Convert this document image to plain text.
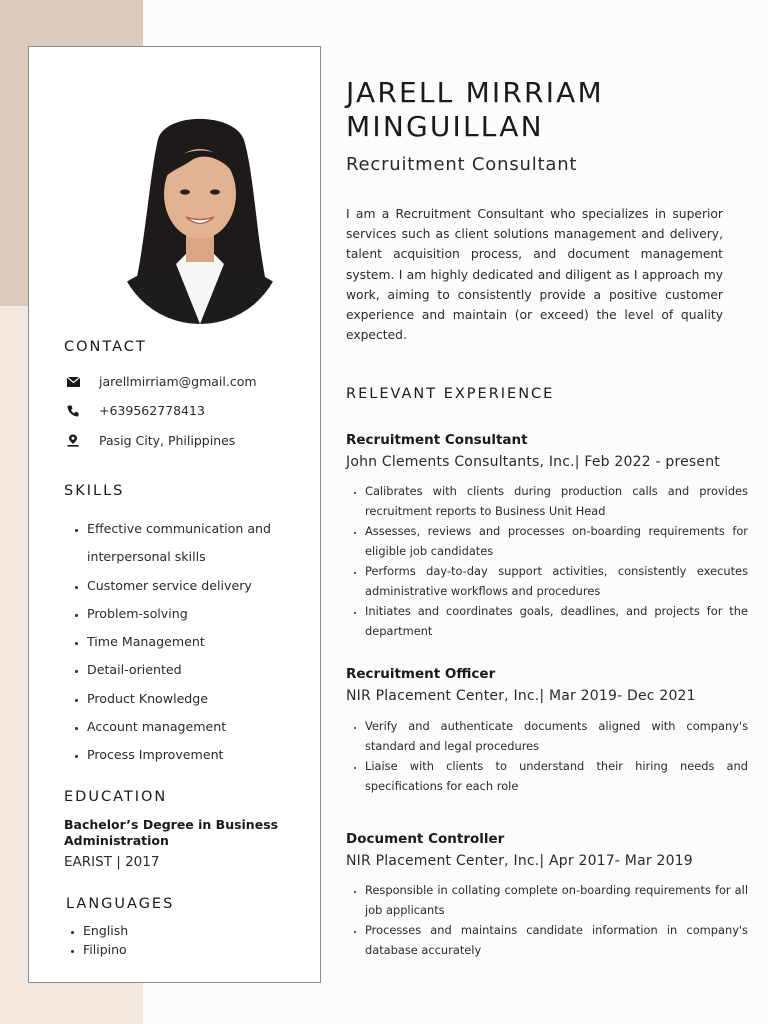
CONTACT
jarellmirriam@gmail.com
+639562778413
Pasig City, Philippines
SKILLS
• Effective communication and interpersonal skills
• Customer service delivery
• Problem-solving
• Time Management
• Detail-oriented
• Product Knowledge
• Account management
• Process Improvement
EDUCATION
Bachelor’s Degree in Business Administration
EARIST | 2017
LANGUAGES
• English
• Filipino
JARELL MIRRIAM MINGUILLAN
Recruitment Consultant

I am a Recruitment Consultant who specializes in superior services such as client solutions management and delivery, talent acquisition process, and document management system. I am highly dedicated and diligent as I approach my work, aiming to consistently provide a positive customer experience and maintain (or exceed) the level of quality expected.

RELEVANT EXPERIENCE
Recruitment Consultant
John Clements Consultants, Inc.| Feb 2022 - present
• Calibrates with clients during production calls and provides recruitment reports to Business Unit Head
• Assesses, reviews and processes on-boarding requirements for eligible job candidates
• Performs day-to-day support activities, consistently executes administrative workflows and procedures
• Initiates and coordinates goals, deadlines, and projects for the department
Recruitment Officer
NIR Placement Center, Inc.| Mar 2019- Dec 2021
• Verify and authenticate documents aligned with company's standard and legal procedures
• Liaise with clients to understand their hiring needs and specifications for each role
Document Controller
NIR Placement Center, Inc.| Apr 2017- Mar 2019
• Responsible in collating complete on-boarding requirements for all job applicants
• Processes and maintains candidate information in company's database accurately
